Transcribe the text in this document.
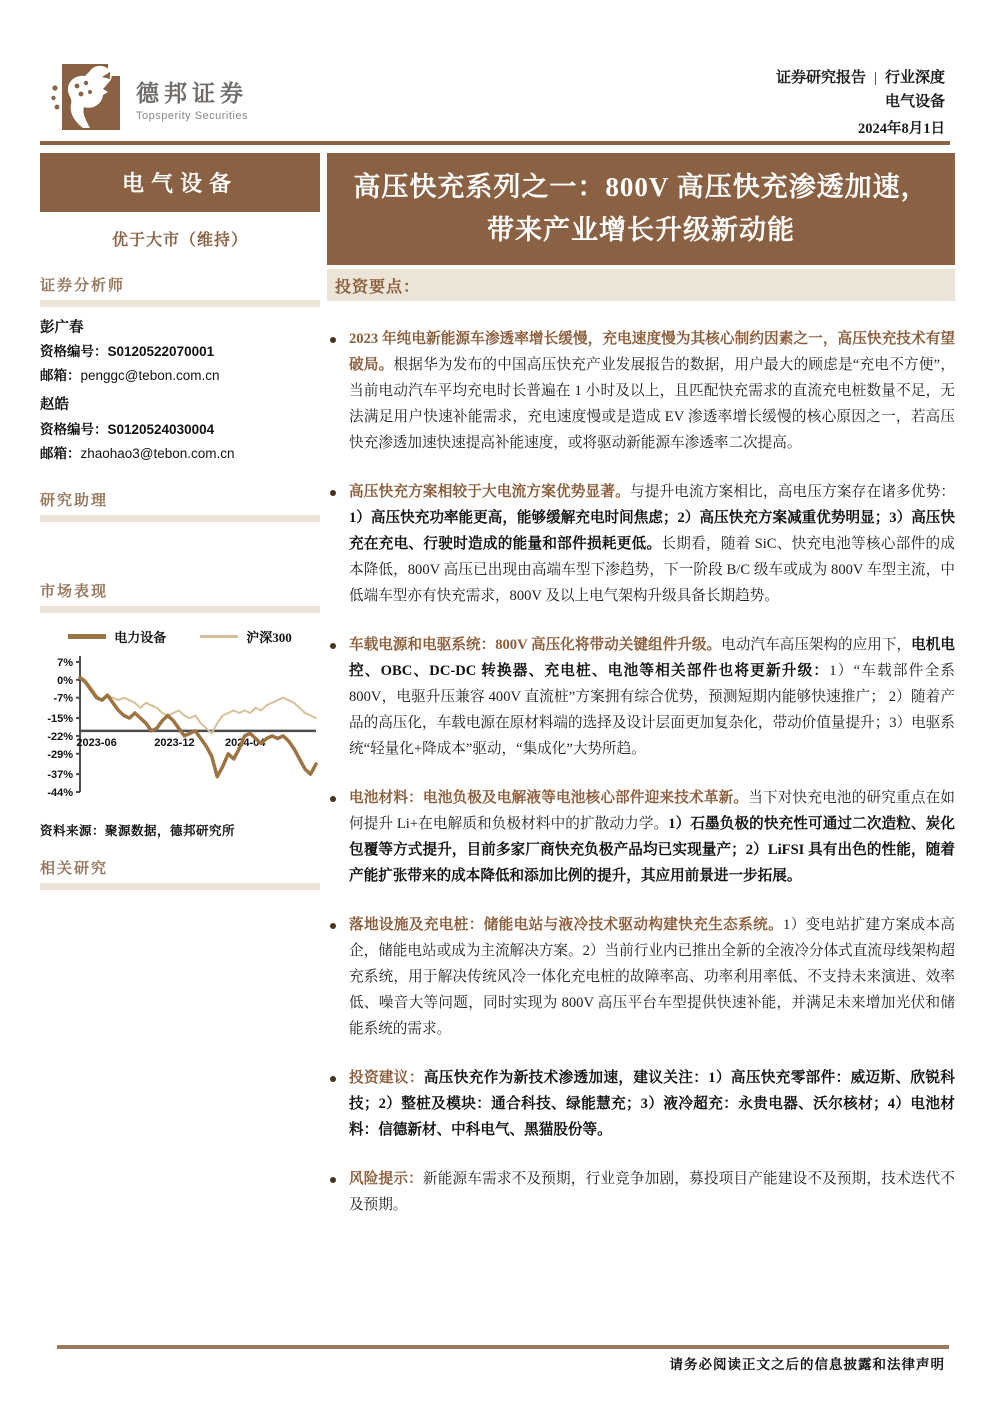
德邦证券
Topsperity Securities
证券研究报告 | 行业深度
电气设备
2024年8月1日
电气设备
优于大市（维持）
证券分析师
彭广春
资格编号：S0120522070001
邮箱：penggc@tebon.com.cn
赵皓
资格编号：S0120524030004
邮箱：zhaohao3@tebon.com.cn
研究助理
市场表现
电力设备	沪深300
7%
0%
-7%
-15%
-22%
-29%
-37%
-44%
2023-06	2023-12	2024-04
资料来源：聚源数据，德邦研究所
相关研究
高压快充系列之一：800V 高压快充渗透加速，带来产业增长升级新动能
投资要点：
2023 年纯电新能源车渗透率增长缓慢，充电速度慢为其核心制约因素之一，高压快充技术有望破局。根据华为发布的中国高压快充产业发展报告的数据，用户最大的顾虑是“充电不方便”， 当前电动汽车平均充电时长普遍在 1 小时及以上，且匹配快充需求的直流充电桩数量不足，无法满足用户快速补能需求，充电速度慢或是造成 EV 渗透率增长缓慢的核心原因之一，若高压快充渗透加速快速提高补能速度，或将驱动新能源车渗透率二次提高。
高压快充方案相较于大电流方案优势显著。与提升电流方案相比，高电压方案存在诸多优势：1）高压快充功率能更高，能够缓解充电时间焦虑；2）高压快充方案减重优势明显；3）高压快充在充电、行驶时造成的能量和部件损耗更低。长期看，随着 SiC、快充电池等核心部件的成本降低，800V 高压已出现由高端车型下渗趋势，下一阶段 B/C 级车或成为 800V 车型主流，中低端车型亦有快充需求，800V 及以上电气架构升级具备长期趋势。
车载电源和电驱系统：800V 高压化将带动关键组件升级。电动汽车高压架构的应用下，电机电控、OBC、DC-DC 转换器、充电桩、电池等相关部件也将更新升级：1）“车载部件全系 800V，电驱升压兼容 400V 直流桩”方案拥有综合优势，预测短期内能够快速推广； 2）随着产品的高压化，车载电源在原材料端的选择及设计层面更加复杂化，带动价值量提升；3）电驱系统“轻量化+降成本”驱动，“集成化”大势所趋。
电池材料：电池负极及电解液等电池核心部件迎来技术革新。当下对快充电池的研究重点在如何提升 Li+在电解质和负极材料中的扩散动力学。1）石墨负极的快充性可通过二次造粒、炭化包覆等方式提升，目前多家厂商快充负极产品均已实现量产；2）LiFSI 具有出色的性能，随着产能扩张带来的成本降低和添加比例的提升，其应用前景进一步拓展。
落地设施及充电桩：储能电站与液冷技术驱动构建快充生态系统。1）变电站扩建方案成本高企，储能电站或成为主流解决方案。2）当前行业内已推出全新的全液冷分体式直流母线架构超充系统，用于解决传统风冷一体化充电桩的故障率高、功率利用率低、不支持未来演进、效率低、噪音大等问题，同时实现为 800V 高压平台车型提供快速补能，并满足未来增加光伏和储能系统的需求。
投资建议：高压快充作为新技术渗透加速，建议关注：1）高压快充零部件：威迈斯、欣锐科技；2）整桩及模块：通合科技、绿能慧充；3）液冷超充：永贵电器、沃尔核材；4）电池材料：信德新材、中科电气、黑猫股份等。
风险提示：新能源车需求不及预期，行业竞争加剧，募投项目产能建设不及预期，技术迭代不及预期。
请务必阅读正文之后的信息披露和法律声明
